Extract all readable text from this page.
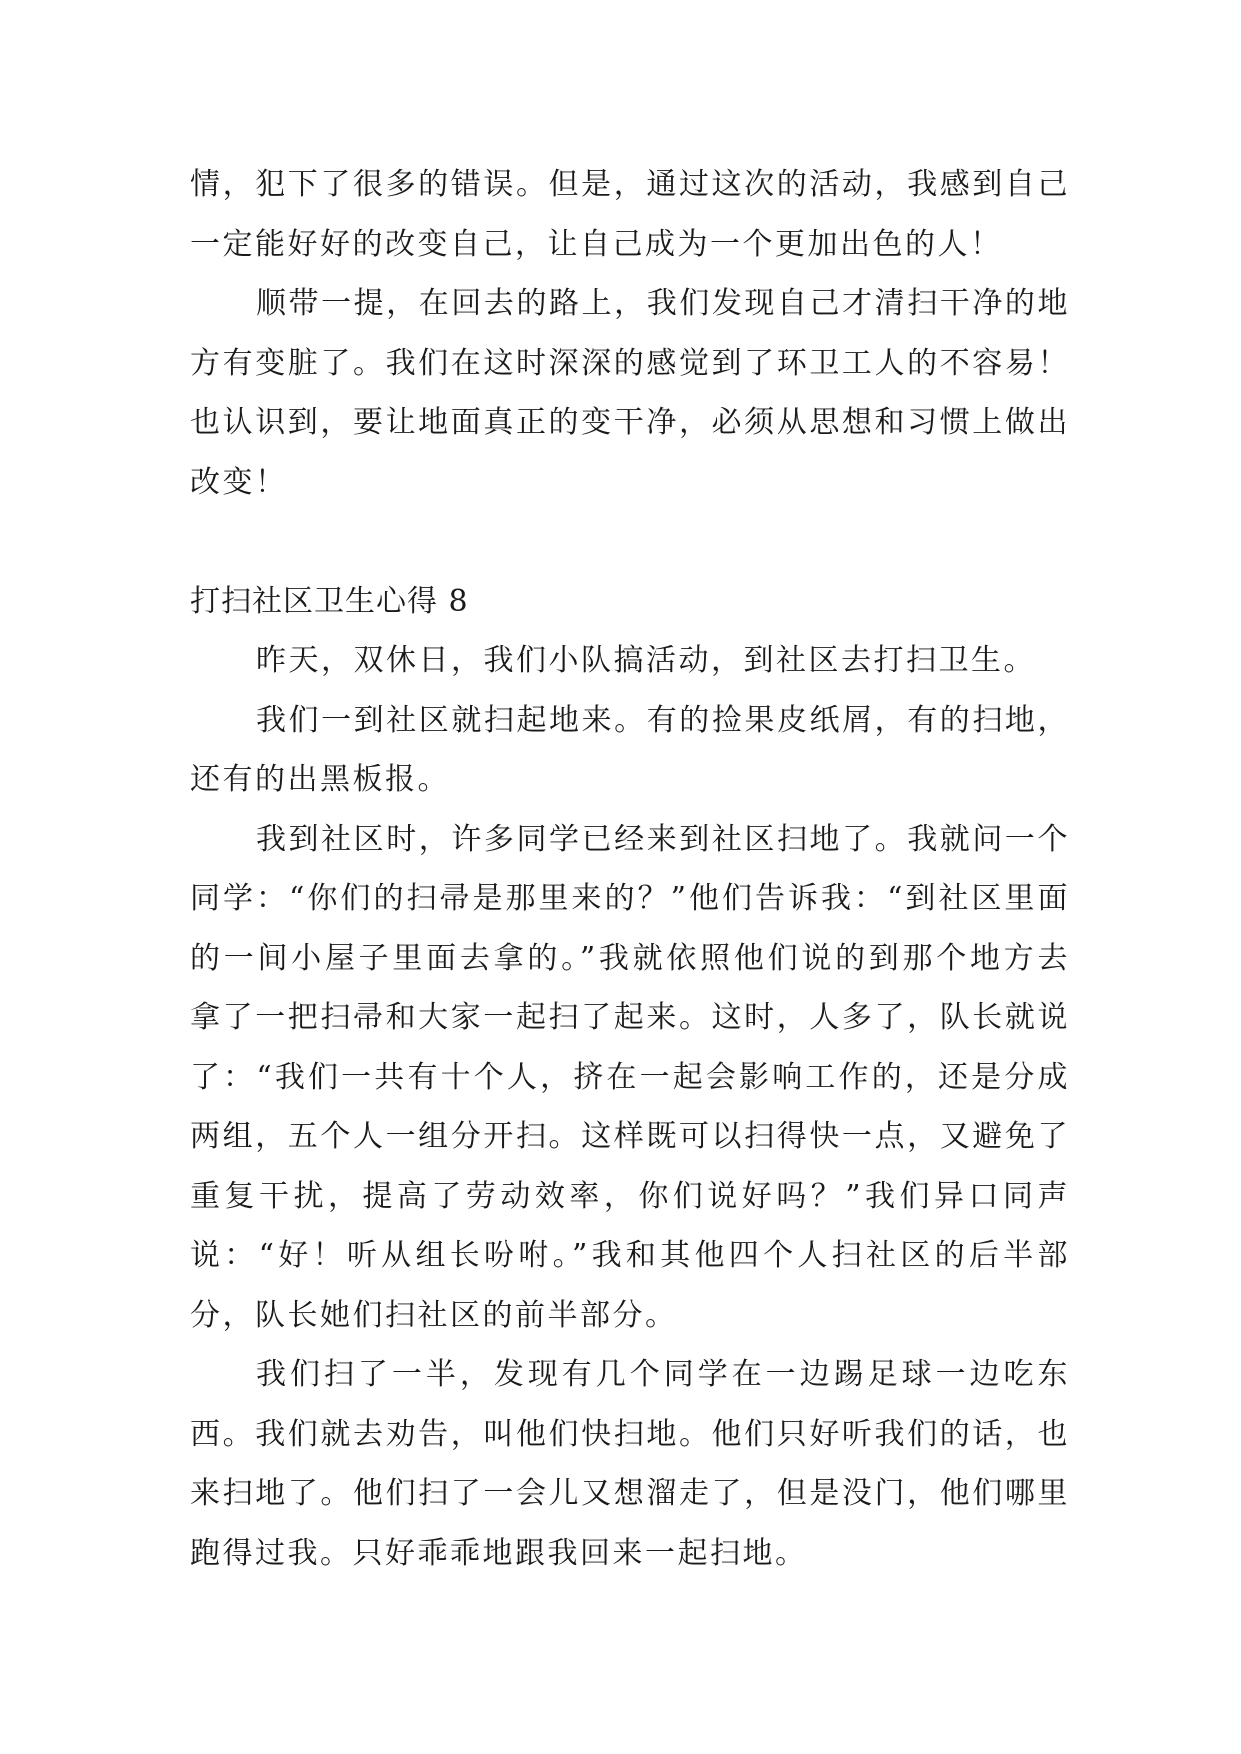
情，犯下了很多的错误。但是，通过这次的活动，我感到自己一定能好好的改变自己，让自己成为一个更加出色的人！

顺带一提，在回去的路上，我们发现自己才清扫干净的地方有变脏了。我们在这时深深的感觉到了环卫工人的不容易！也认识到，要让地面真正的变干净，必须从思想和习惯上做出改变！

打扫社区卫生心得 8

昨天，双休日，我们小队搞活动，到社区去打扫卫生。

我们一到社区就扫起地来。有的捡果皮纸屑，有的扫地，还有的出黑板报。

我到社区时，许多同学已经来到社区扫地了。我就问一个同学：“你们的扫帚是那里来的？”他们告诉我：“到社区里面的一间小屋子里面去拿的。”我就依照他们说的到那个地方去拿了一把扫帚和大家一起扫了起来。这时，人多了，队长就说了：“我们一共有十个人，挤在一起会影响工作的，还是分成两组，五个人一组分开扫。这样既可以扫得快一点，又避免了重复干扰，提高了劳动效率，你们说好吗？”我们异口同声说：“好！听从组长吩咐。”我和其他四个人扫社区的后半部分，队长她们扫社区的前半部分。

我们扫了一半，发现有几个同学在一边踢足球一边吃东西。我们就去劝告，叫他们快扫地。他们只好听我们的话，也来扫地了。他们扫了一会儿又想溜走了，但是没门，他们哪里跑得过我。只好乖乖地跟我回来一起扫地。
